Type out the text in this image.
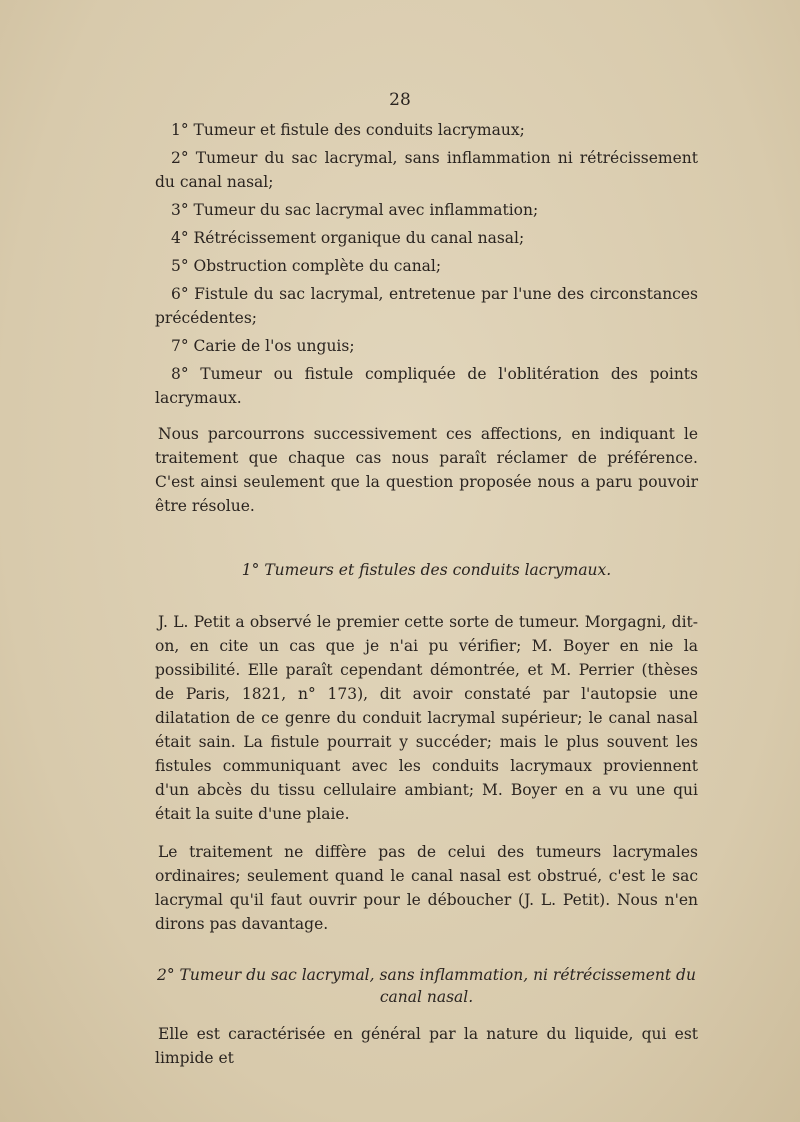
28

1° Tumeur et fistule des conduits lacrymaux;

2° Tumeur du sac lacrymal, sans inflammation ni rétrécissement du canal nasal;

3° Tumeur du sac lacrymal avec inflammation;

4° Rétrécissement organique du canal nasal;

5° Obstruction complète du canal;

6° Fistule du sac lacrymal, entretenue par l'une des circonstances précédentes;

7° Carie de l'os unguis;

8° Tumeur ou fistule compliquée de l'oblitération des points lacrymaux.

Nous parcourrons successivement ces affections, en indiquant le traitement que chaque cas nous paraît réclamer de préférence. C'est ainsi seulement que la question proposée nous a paru pouvoir être résolue.

1° Tumeurs et fistules des conduits lacrymaux.

J. L. Petit a observé le premier cette sorte de tumeur. Morgagni, dit-on, en cite un cas que je n'ai pu vérifier; M. Boyer en nie la possibilité. Elle paraît cependant démontrée, et M. Perrier (thèses de Paris, 1821, n° 173), dit avoir constaté par l'autopsie une dilatation de ce genre du conduit lacrymal supérieur; le canal nasal était sain. La fistule pourrait y succéder; mais le plus souvent les fistules communiquant avec les conduits lacrymaux proviennent d'un abcès du tissu cellulaire ambiant; M. Boyer en a vu une qui était la suite d'une plaie.

Le traitement ne diffère pas de celui des tumeurs lacrymales ordinaires; seulement quand le canal nasal est obstrué, c'est le sac lacrymal qu'il faut ouvrir pour le déboucher (J. L. Petit). Nous n'en dirons pas davantage.

2° Tumeur du sac lacrymal, sans inflammation, ni rétrécissement du canal nasal.

Elle est caractérisée en général par la nature du liquide, qui est limpide et
